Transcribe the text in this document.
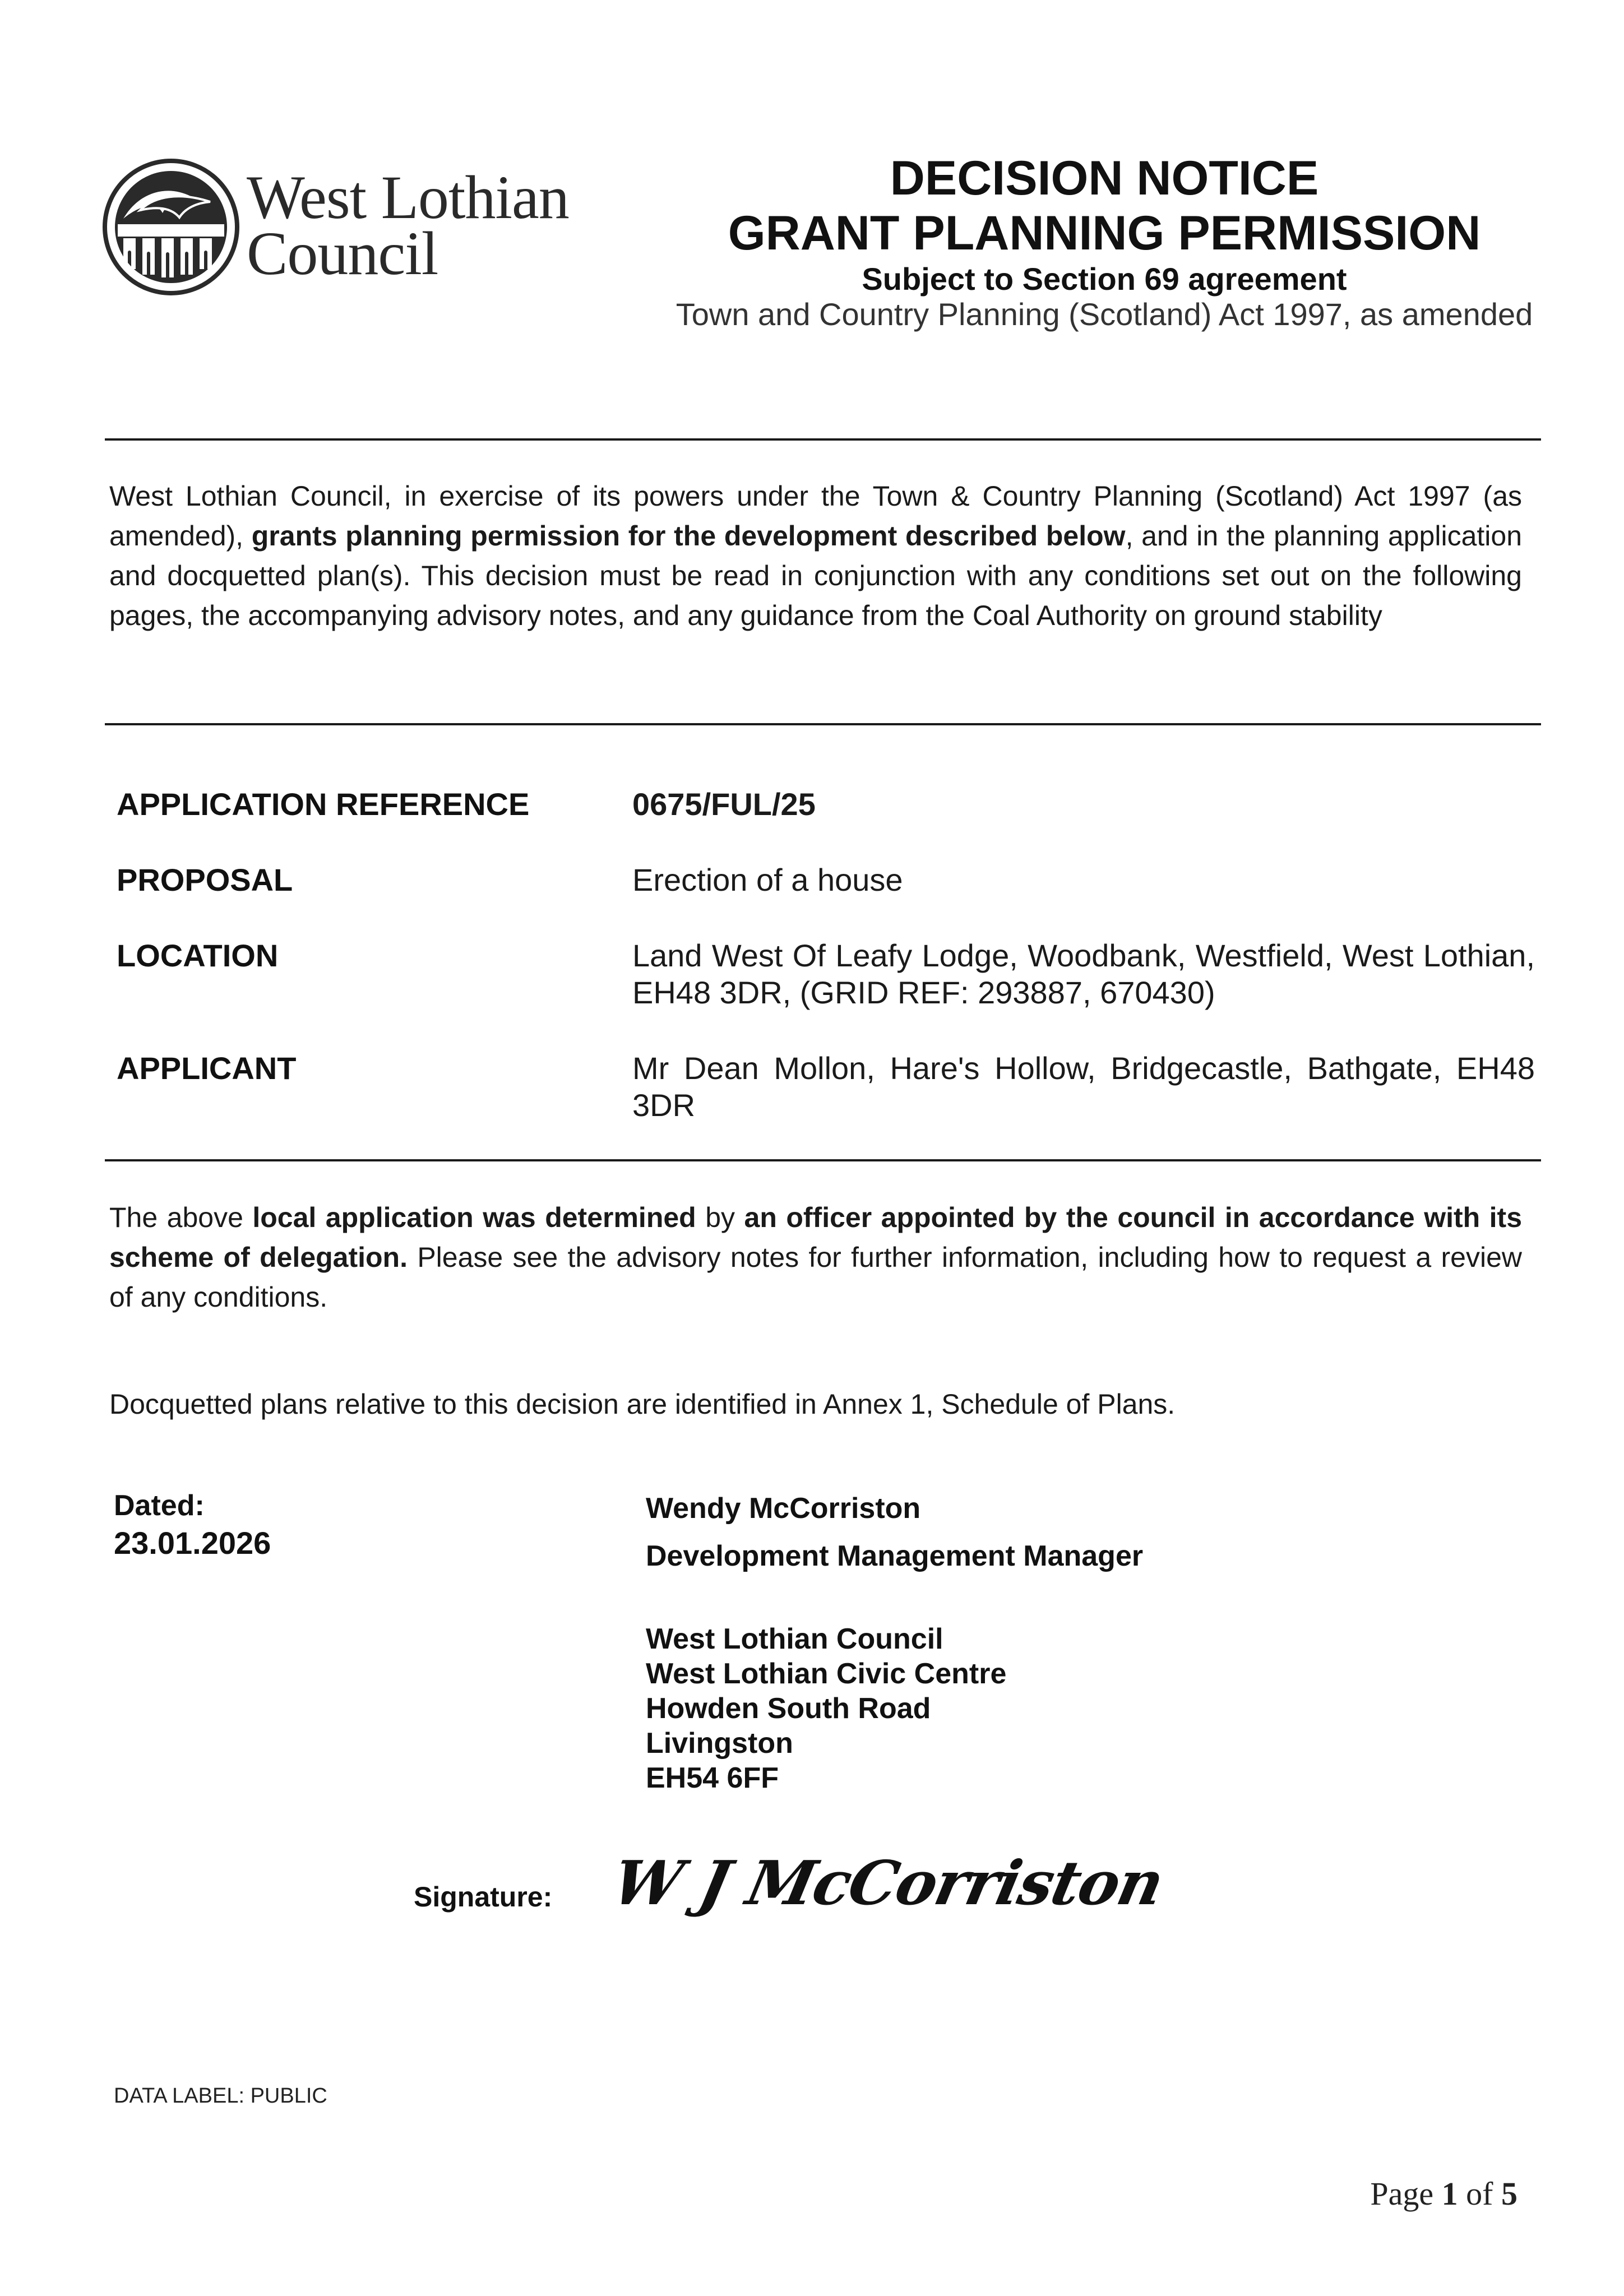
West Lothian
Council
DECISION NOTICE
GRANT PLANNING PERMISSION
Subject to Section 69 agreement
Town and Country Planning (Scotland) Act 1997, as amended
West Lothian Council, in exercise of its powers under the Town & Country Planning (Scotland) Act 1997 (as amended), grants planning permission for the development described below, and in the planning application and docquetted plan(s). This decision must be read in conjunction with any conditions set out on the following pages, the accompanying advisory notes, and any guidance from the Coal Authority on ground stability
APPLICATION REFERENCE	0675/FUL/25
PROPOSAL	Erection of a house
LOCATION	Land West Of Leafy Lodge, Woodbank, Westfield, West Lothian, EH48 3DR, (GRID REF: 293887, 670430)
APPLICANT	Mr Dean Mollon, Hare's Hollow, Bridgecastle, Bathgate, EH48 3DR
The above local application was determined by an officer appointed by the council in accordance with its scheme of delegation. Please see the advisory notes for further information, including how to request a review of any conditions.
Docquetted plans relative to this decision are identified in Annex 1, Schedule of Plans.
Dated:
23.01.2026
Wendy McCorriston
Development Management Manager
West Lothian Council
West Lothian Civic Centre
Howden South Road
Livingston
EH54 6FF
Signature: W J McCorriston
DATA LABEL: PUBLIC
Page 1 of 5
